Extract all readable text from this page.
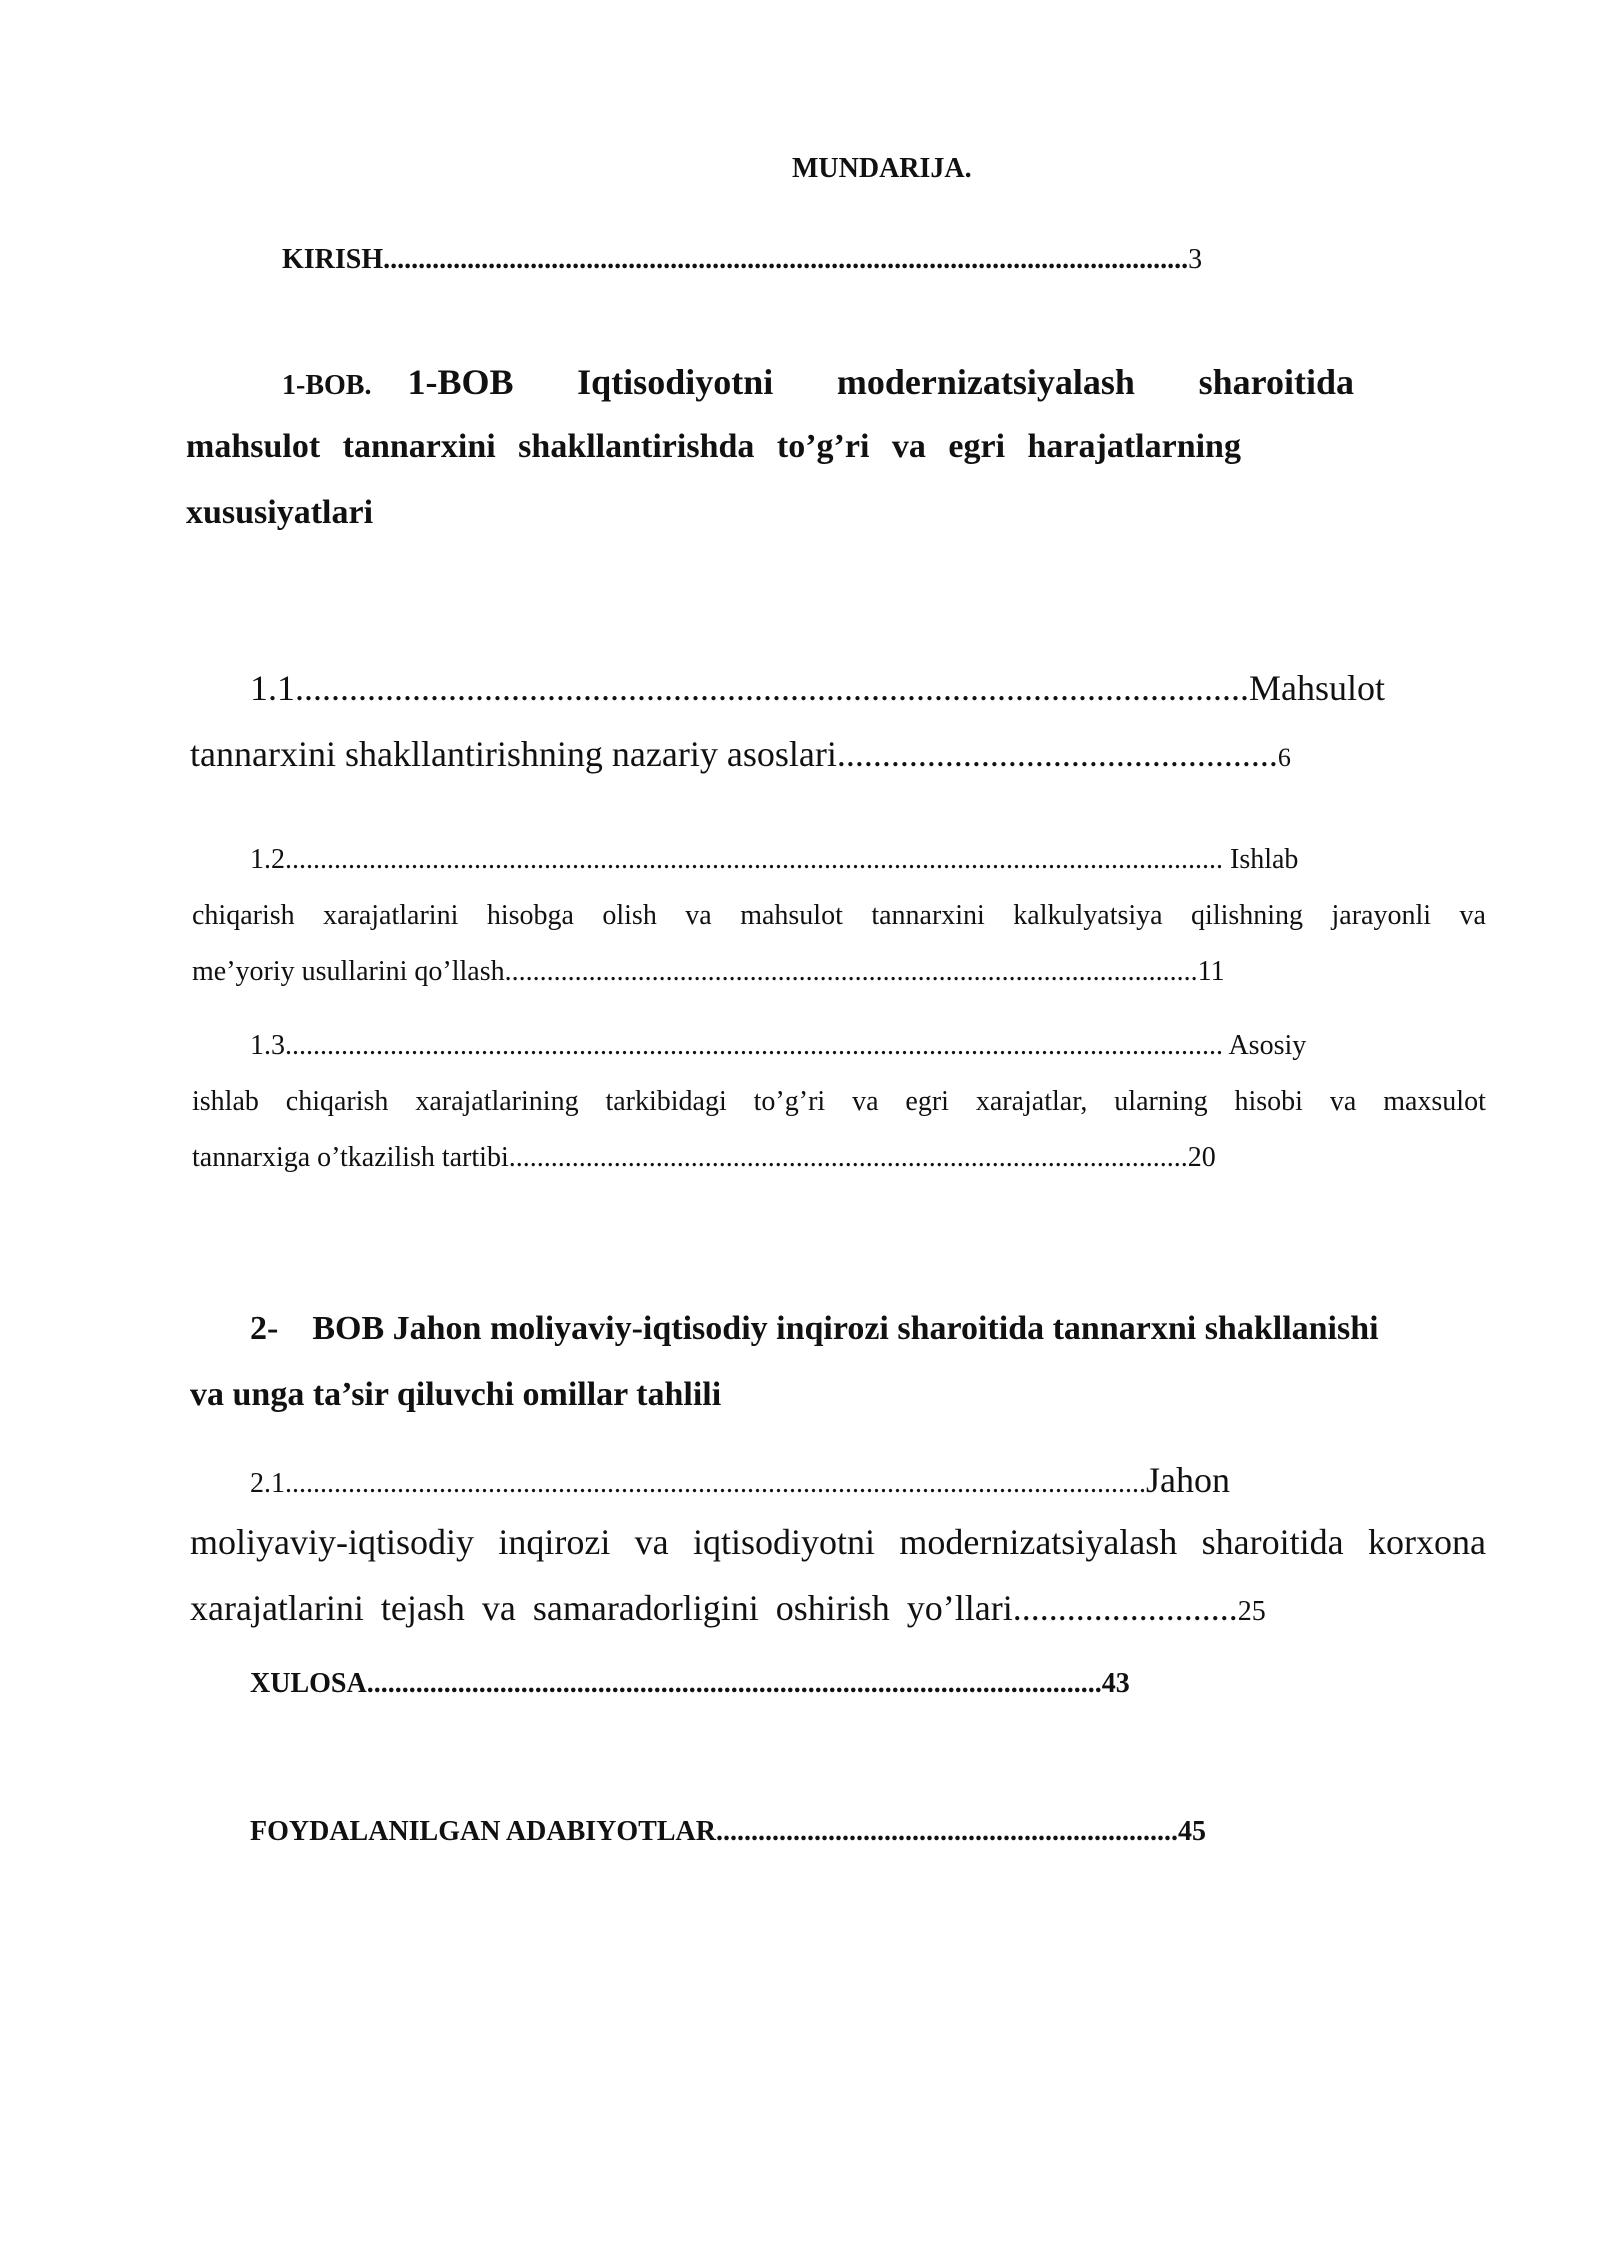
MUNDARIJA.
KIRISH...................................................................................................................3
1-BOB. 1-BOB Iqtisodiyotni modernizatsiyalash sharoitida
mahsulot tannarxini shakllantirishda to’g’ri va egri harajatlarning
xususiyatlari
1.1..........................................................................................................Mahsulot
tannarxini shakllantirishning nazariy asoslari.................................................6
1.2...................................................................................................................................... Ishlab
chiqarish xarajatlarini hisobga olish va mahsulot tannarxini kalkulyatsiya qilishning jarayonli va
me’yoriy usullarini qo’llash...................................................................................................11
1.3...................................................................................................................................... Asosiy
ishlab chiqarish xarajatlarining tarkibidagi to’g’ri va egri xarajatlar, ularning hisobi va maxsulot
tannarxiga o’tkazilish tartibi.................................................................................................20
2- BOB Jahon moliyaviy-iqtisodiy inqirozi sharoitida tannarxni shakllanishi
va unga ta’sir qiluvchi omillar tahlili
2.1...........................................................................................................................Jahon
moliyaviy-iqtisodiy inqirozi va iqtisodiyotni modernizatsiyalash sharoitida korxona
xarajatlarini tejash va samaradorligini oshirish yo’llari.........................25
XULOSA.........................................................................................................43
FOYDALANILGAN ADABIYOTLAR..................................................................45
